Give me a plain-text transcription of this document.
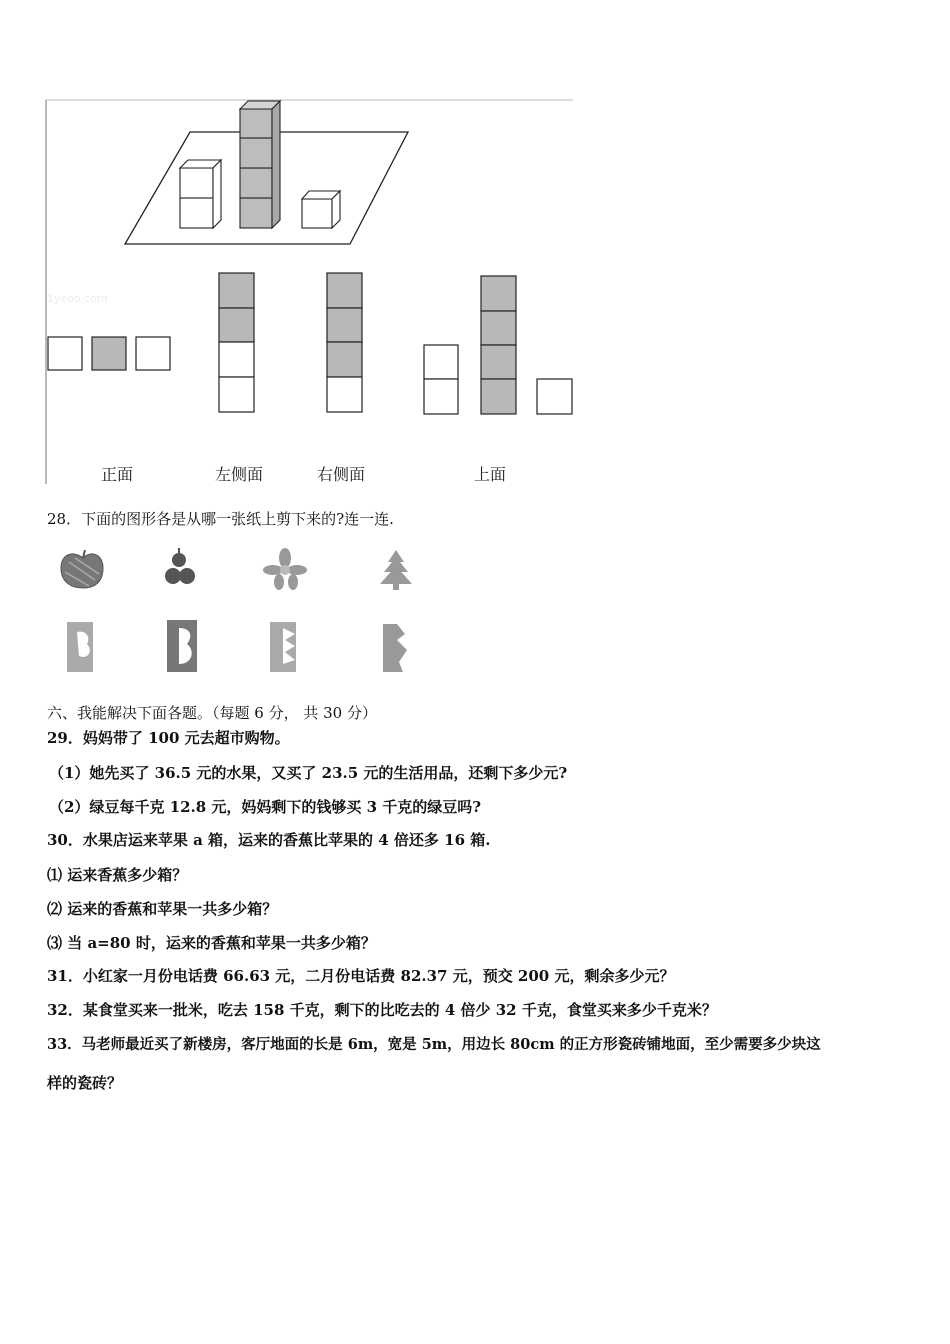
1yeoo.com
正面	左侧面	右侧面	上面
28．下面的图形各是从哪一张纸上剪下来的?连一连.
六、我能解决下面各题。（每题 6 分， 共 30 分）
29．妈妈带了 100 元去超市购物。
（1）她先买了 36.5 元的水果，又买了 23.5 元的生活用品，还剩下多少元?
（2）绿豆每千克 12.8 元，妈妈剩下的钱够买 3 千克的绿豆吗?
30．水果店运来苹果 a 箱，运来的香蕉比苹果的 4 倍还多 16 箱.
⑴ 运来香蕉多少箱？
⑵ 运来的香蕉和苹果一共多少箱？
⑶ 当 a=80 时，运来的香蕉和苹果一共多少箱？
31．小红家一月份电话费 66.63 元，二月份电话费 82.37 元，预交 200 元，剩余多少元？
32．某食堂买来一批米，吃去 158 千克，剩下的比吃去的 4 倍少 32 千克，食堂买来多少千克米？
33．马老师最近买了新楼房，客厅地面的长是 6m，宽是 5m，用边长 80cm 的正方形瓷砖铺地面，至少需要多少块这
样的瓷砖？
